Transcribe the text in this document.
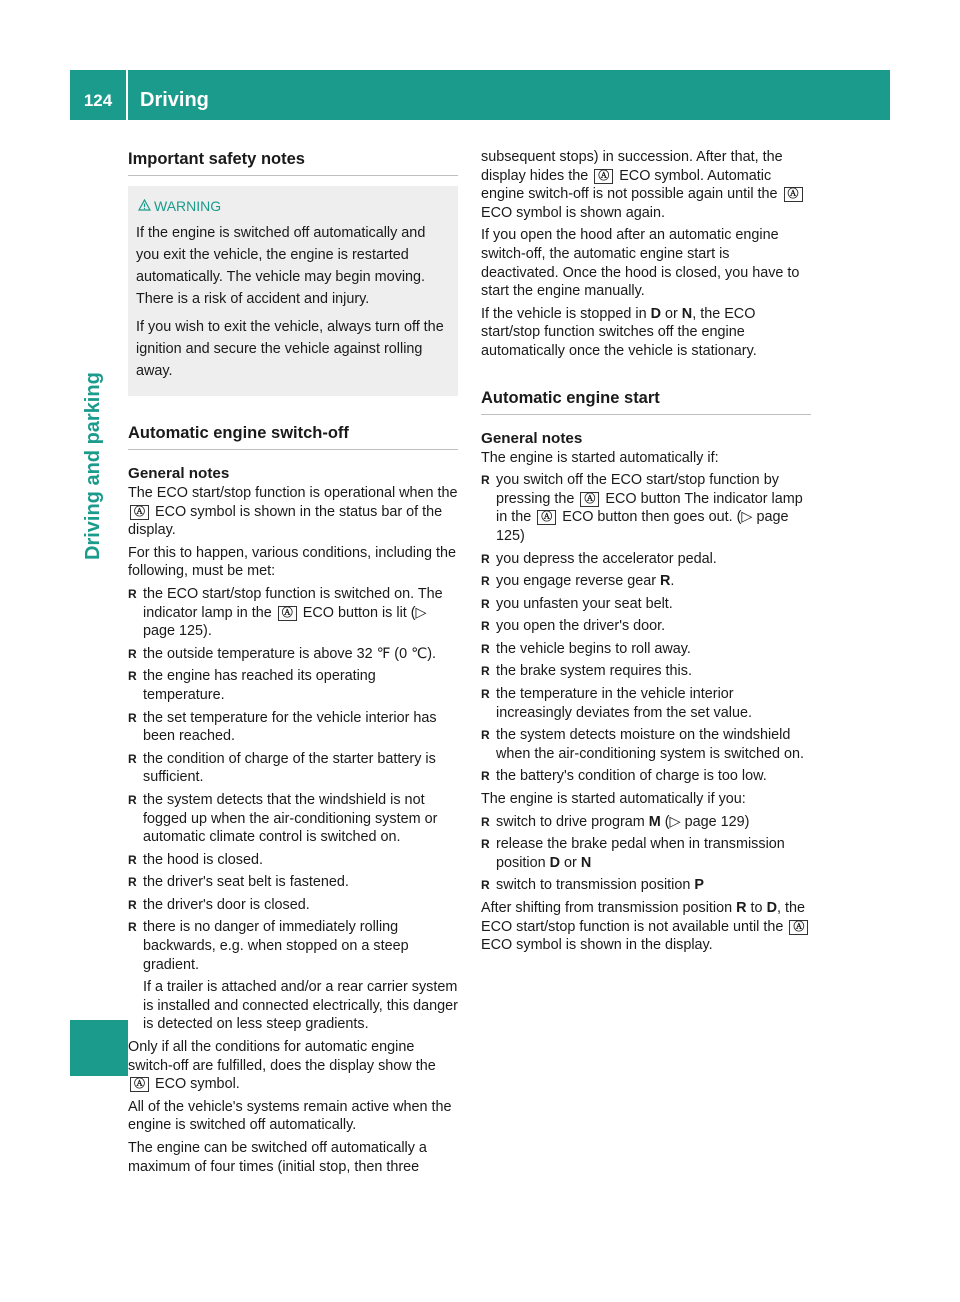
124	Driving
Driving and parking
Important safety notes
WARNING

If the engine is switched off automatically and you exit the vehicle, the engine is restarted automatically. The vehicle may begin moving. There is a risk of accident and injury.

If you wish to exit the vehicle, always turn off the ignition and secure the vehicle against rolling away.

Automatic engine switch-off
General notes

The ECO start/stop function is operational when the Ⓐ ECO symbol is shown in the status bar of the display.

For this to happen, various conditions, including the following, must be met:

R the ECO start/stop function is switched on. The indicator lamp in the Ⓐ ECO button is lit (▷ page 125).
R the outside temperature is above 32 ℉ (0 ℃).
R the engine has reached its operating temperature.
R the set temperature for the vehicle interior has been reached.
R the condition of charge of the starter battery is sufficient.
R the system detects that the windshield is not fogged up when the air-conditioning system or automatic climate control is switched on.
R the hood is closed.
R the driver's seat belt is fastened.
R the driver's door is closed.
R there is no danger of immediately rolling backwards, e.g. when stopped on a steep gradient.
If a trailer is attached and/or a rear carrier system is installed and connected electrically, this danger is detected on less steep gradients.

Only if all the conditions for automatic engine switch-off are fulfilled, does the display show the Ⓐ ECO symbol.

All of the vehicle's systems remain active when the engine is switched off automatically.

The engine can be switched off automatically a maximum of four times (initial stop, then three

subsequent stops) in succession. After that, the display hides the Ⓐ ECO symbol. Automatic engine switch-off is not possible again until the Ⓐ ECO symbol is shown again.

If you open the hood after an automatic engine switch-off, the automatic engine start is deactivated. Once the hood is closed, you have to start the engine manually.

If the vehicle is stopped in D or N, the ECO start/stop function switches off the engine automatically once the vehicle is stationary.

Automatic engine start
General notes

The engine is started automatically if:

R you switch off the ECO start/stop function by pressing the Ⓐ ECO button The indicator lamp in the Ⓐ ECO button then goes out. (▷ page 125)
R you depress the accelerator pedal.
R you engage reverse gear R.
R you unfasten your seat belt.
R you open the driver's door.
R the vehicle begins to roll away.
R the brake system requires this.
R the temperature in the vehicle interior increasingly deviates from the set value.
R the system detects moisture on the windshield when the air-conditioning system is switched on.
R the battery's condition of charge is too low.

The engine is started automatically if you:

R switch to drive program M (▷ page 129)
R release the brake pedal when in transmission position D or N
R switch to transmission position P

After shifting from transmission position R to D, the ECO start/stop function is not available until the Ⓐ ECO symbol is shown in the display.
